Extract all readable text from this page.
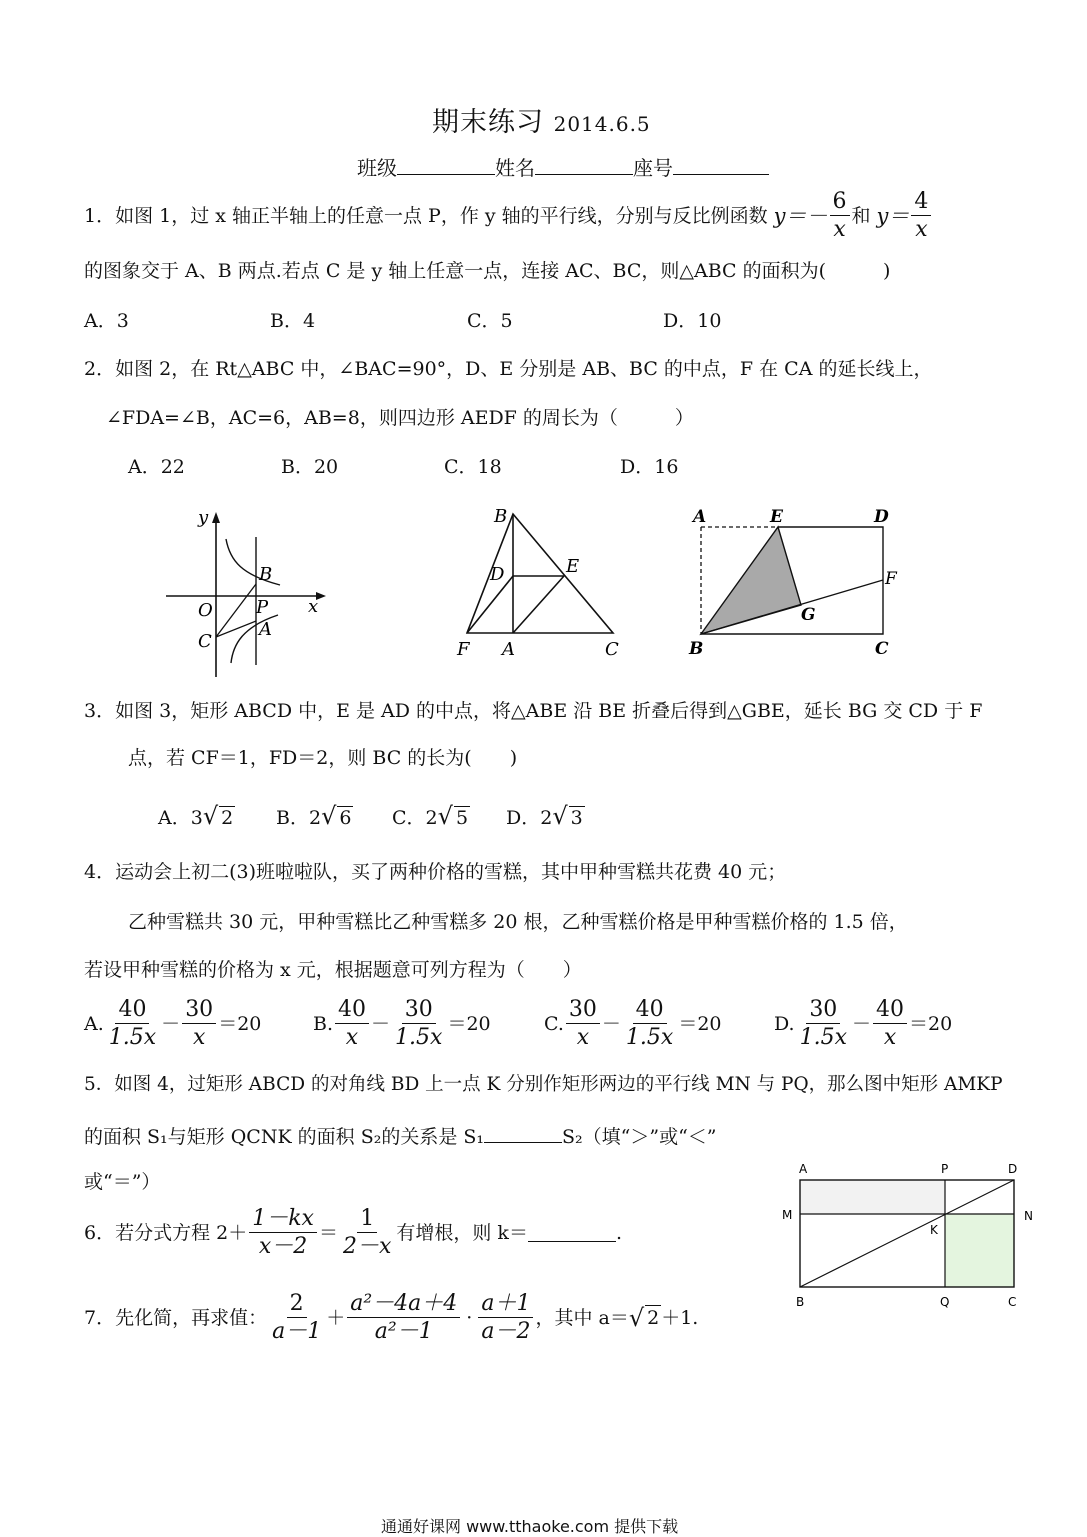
期末练习 2014.6.5
班级	姓名	座号
1．如图 1，过 x 轴正半轴上的任意一点 P，作 y 轴的平行线，分别与反比例函数 $y=- \frac{6}{x}$ 和 $y= \frac{4}{x}$
的图象交于 A、B 两点.若点 C 是 y 轴上任意一点，连接 AC、BC，则△ABC 的面积为(　　　)
A．3	B．4	C．5	D．10
2．如图 2，在 Rt△ABC 中，∠BAC=90°，D、E 分别是 AB、BC 的中点，F 在 CA 的延长线上，
∠FDA=∠B，AC=6，AB=8，则四边形 AEDF 的周长为（　　　）
A．22	B．20	C．18	D．16
y
x
O
B
P
C
A
B
D	E
F A	C
A	E	D
F
G
B	C
3．如图 3，矩形 ABCD 中，E 是 AD 的中点，将△ABE 沿 BE 折叠后得到△GBE，延长 BG 交 CD 于 F
点，若 CF＝1，FD＝2，则 BC 的长为(　　)
A．3√ 2 B．2√ 6 C．2√ 5 D．2√ 3
4．运动会上初二(3)班啦啦队，买了两种价格的雪糕，其中甲种雪糕共花费 40 元；
乙种雪糕共 30 元，甲种雪糕比乙种雪糕多 20 根，乙种雪糕价格是甲种雪糕价格的 1.5 倍，
若设甲种雪糕的价格为 x 元，根据题意可列方程为（　　）
A. $\frac{40}{1.5x} - \frac{30}{x} =20$	B. $\frac{40}{x} - \frac{30}{1.5x} =20$	C. $\frac{30}{x} - \frac{40}{1.5x} =20$	D. $\frac{30}{1.5x} - \frac{40}{x} =20$
5．如图 4，过矩形 ABCD 的对角线 BD 上一点 K 分别作矩形两边的平行线 MN 与 PQ，那么图中矩形 AMKP
的面积 S₁与矩形 QCNK 的面积 S₂的关系是 S₁	S₂（填“＞”或“＜”
或“＝”）
A	P	D
M
K
N
B	Q	C
6．若分式方程 $2+ \frac{1-kx}{x-2} = \frac{1}{2-x}$ 有增根，则 k＝	.
7．先化简，再求值： $\frac{2}{a-1} + \frac{\text{a²－4a＋4}}{\text{a²－1}} \cdot \frac{a+1}{a-2}$ ，其中 a＝ √ 2 ＋1.
通通好课网 www.tthaoke.com 提供下载
